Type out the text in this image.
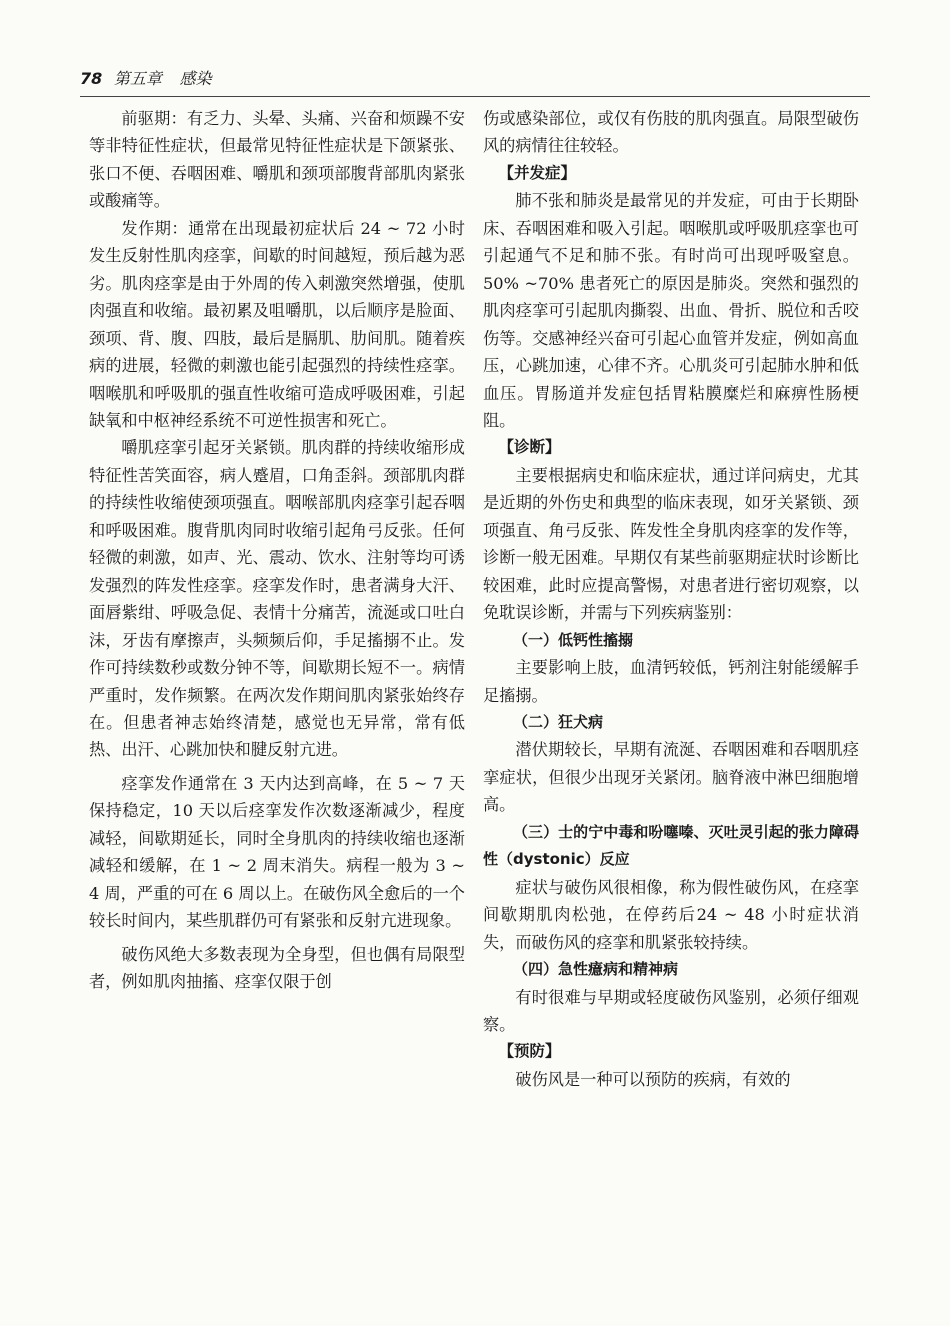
78 第五章 感染

前驱期：有乏力、头晕、头痛、兴奋和烦躁不安等非特征性症状，但最常见特征性症状是下颌紧张、张口不便、吞咽困难、嚼肌和颈项部腹背部肌肉紧张或酸痛等。

发作期：通常在出现最初症状后 24 ~ 72 小时发生反射性肌肉痉挛，间歇的时间越短，预后越为恶劣。肌肉痉挛是由于外周的传入刺激突然增强，使肌肉强直和收缩。最初累及咀嚼肌，以后顺序是脸面、颈项、背、腹、四肢，最后是膈肌、肋间肌。随着疾病的进展，轻微的刺激也能引起强烈的持续性痉挛。咽喉肌和呼吸肌的强直性收缩可造成呼吸困难，引起缺氧和中枢神经系统不可逆性损害和死亡。

嚼肌痉挛引起牙关紧锁。肌肉群的持续收缩形成特征性苦笑面容，病人蹙眉，口角歪斜。颈部肌肉群的持续性收缩使颈项强直。咽喉部肌肉痉挛引起吞咽和呼吸困难。腹背肌肉同时收缩引起角弓反张。任何轻微的刺激，如声、光、震动、饮水、注射等均可诱发强烈的阵发性痉挛。痉挛发作时，患者满身大汗、面唇紫绀、呼吸急促、表情十分痛苦，流涎或口吐白沫，牙齿有摩擦声，头频频后仰，手足搐搦不止。发作可持续数秒或数分钟不等，间歇期长短不一。病情严重时，发作频繁。在两次发作期间肌肉紧张始终存在。但患者神志始终清楚，感觉也无异常，常有低热、出汗、心跳加快和腱反射亢进。

痉挛发作通常在 3 天内达到高峰，在 5 ~ 7 天保持稳定，10 天以后痉挛发作次数逐渐减少，程度减轻，间歇期延长，同时全身肌肉的持续收缩也逐渐减轻和缓解，在 1 ~ 2 周末消失。病程一般为 3 ~ 4 周，严重的可在 6 周以上。在破伤风全愈后的一个较长时间内，某些肌群仍可有紧张和反射亢进现象。

破伤风绝大多数表现为全身型，但也偶有局限型者，例如肌肉抽搐、痉挛仅限于创

伤或感染部位，或仅有伤肢的肌肉强直。局限型破伤风的病情往往较轻。

【并发症】

肺不张和肺炎是最常见的并发症，可由于长期卧床、吞咽困难和吸入引起。咽喉肌或呼吸肌痉挛也可引起通气不足和肺不张。有时尚可出现呼吸窒息。50% ~70% 患者死亡的原因是肺炎。突然和强烈的肌肉痉挛可引起肌肉撕裂、出血、骨折、脱位和舌咬伤等。交感神经兴奋可引起心血管并发症，例如高血压，心跳加速，心律不齐。心肌炎可引起肺水肿和低血压。胃肠道并发症包括胃粘膜糜烂和麻痹性肠梗阻。

【诊断】

主要根据病史和临床症状，通过详问病史，尤其是近期的外伤史和典型的临床表现，如牙关紧锁、颈项强直、角弓反张、阵发性全身肌肉痉挛的发作等，诊断一般无困难。早期仅有某些前驱期症状时诊断比较困难，此时应提高警惕，对患者进行密切观察，以免耽误诊断，并需与下列疾病鉴别：

（一）低钙性搐搦

主要影响上肢，血清钙较低，钙剂注射能缓解手足搐搦。

（二）狂犬病

潜伏期较长，早期有流涎、吞咽困难和吞咽肌痉挛症状，但很少出现牙关紧闭。脑脊液中淋巴细胞增高。

（三）士的宁中毒和吩噻嗪、灭吐灵引起的张力障碍性（dystonic）反应

症状与破伤风很相像，称为假性破伤风，在痉挛间歇期肌肉松弛，在停药后24 ~ 48 小时症状消失，而破伤风的痉挛和肌紧张较持续。

（四）急性癔病和精神病

有时很难与早期或轻度破伤风鉴别，必须仔细观察。

【预防】

破伤风是一种可以预防的疾病，有效的
